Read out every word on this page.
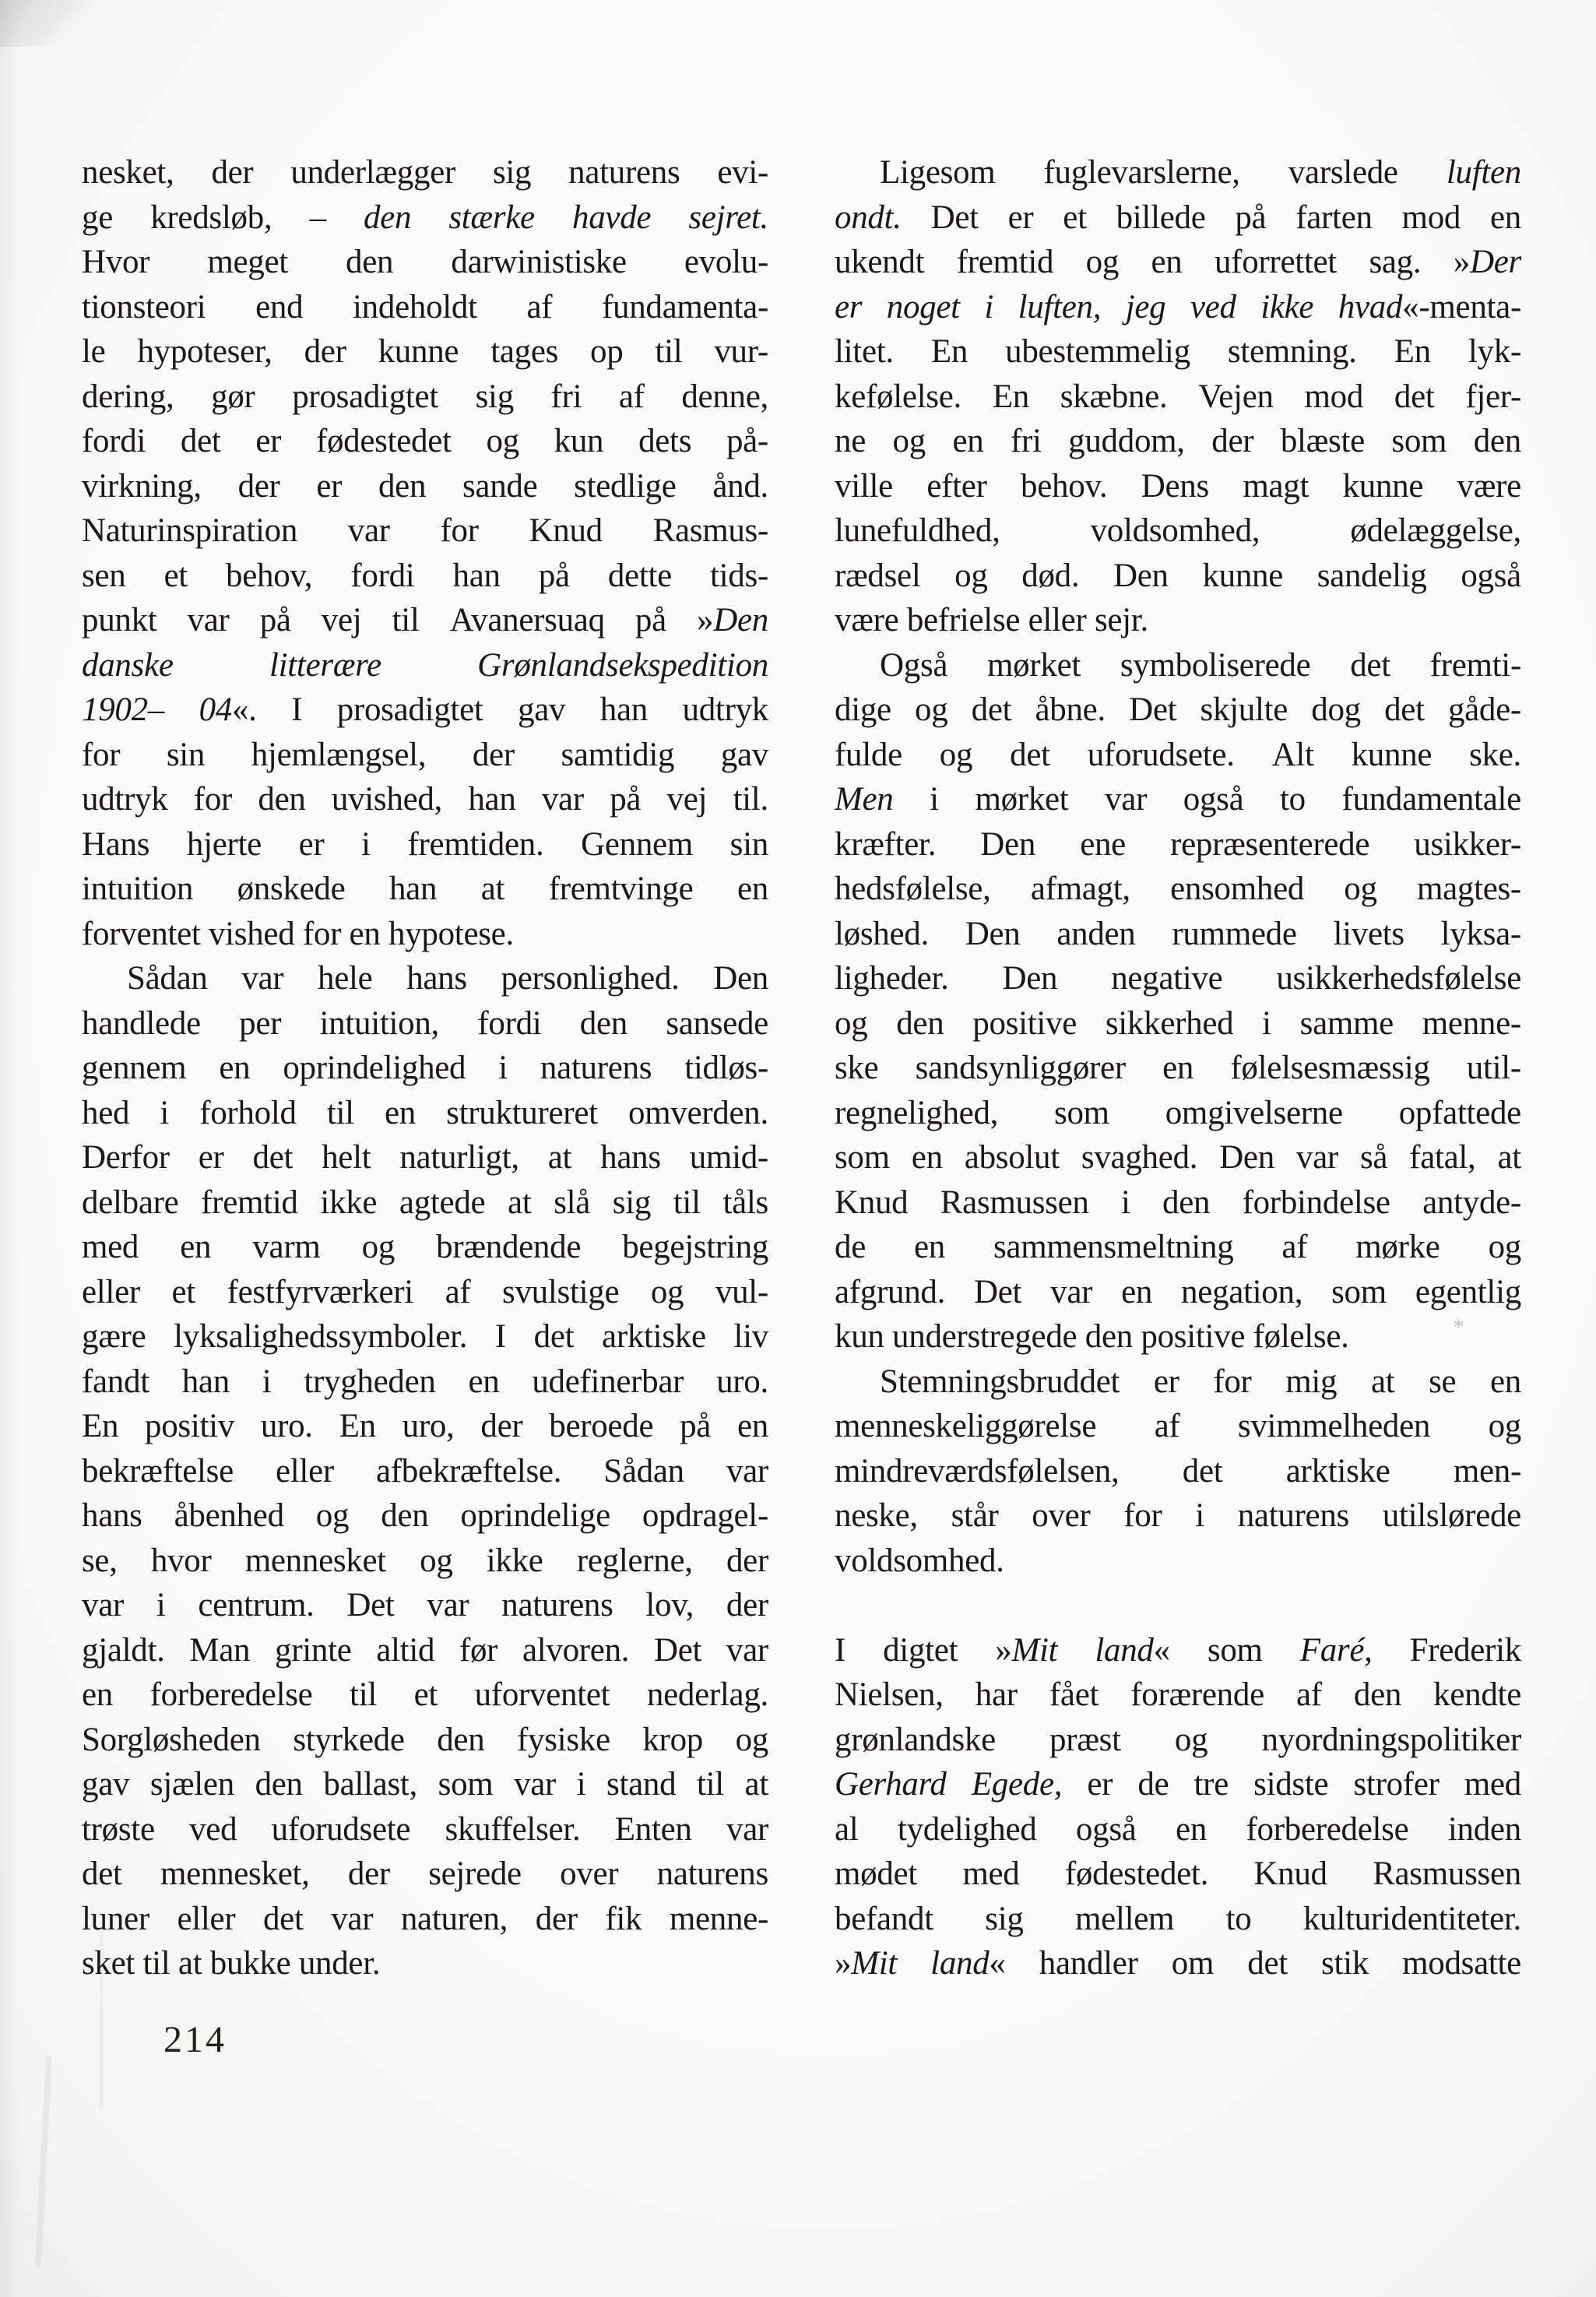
nesket, der underlægger sig naturens evi-
ge kredsløb, – den stærke havde sejret.
Hvor meget den darwinistiske evolu-
tionsteori end indeholdt af fundamenta-
le hypoteser, der kunne tages op til vur-
dering, gør prosadigtet sig fri af denne,
fordi det er fødestedet og kun dets på-
virkning, der er den sande stedlige ånd.
Naturinspiration var for Knud Rasmus-
sen et behov, fordi han på dette tids-
punkt var på vej til Avanersuaq på »Den
danske	litterære	Grønlandsekspedition
1902– 04«. I prosadigtet gav han udtryk
for sin hjemlængsel, der samtidig gav
udtryk for den uvished, han var på vej til.
Hans hjerte er i fremtiden. Gennem sin
intuition ønskede han at fremtvinge en
forventet vished for en hypotese.
Sådan var hele hans personlighed. Den
handlede per intuition, fordi den sansede
gennem en oprindelighed i naturens tidløs-
hed i forhold til en struktureret omverden.
Derfor er det helt naturligt, at hans umid-
delbare fremtid ikke agtede at slå sig til tåls
med en varm og brændende begejstring
eller et festfyrværkeri af svulstige og vul-
gære lyksalighedssymboler. I det arktiske liv
fandt han i trygheden en udefinerbar uro.
En positiv uro. En uro, der beroede på en
bekræftelse eller afbekræftelse. Sådan var
hans åbenhed og den oprindelige opdragel-
se, hvor mennesket og ikke reglerne, der
var i centrum. Det var naturens lov, der
gjaldt. Man grinte altid før alvoren. Det var
en forberedelse til et uforventet nederlag.
Sorgløsheden styrkede den fysiske krop og
gav sjælen den ballast, som var i stand til at
trøste ved uforudsete skuffelser. Enten var
det mennesket, der sejrede over naturens
luner eller det var naturen, der fik menne-
sket til at bukke under.
Ligesom fuglevarslerne, varslede luften
ondt. Det er et billede på farten mod en
ukendt fremtid og en uforrettet sag. »Der
er noget i luften, jeg ved ikke hvad«-menta-
litet. En ubestemmelig stemning. En lyk-
kefølelse. En skæbne. Vejen mod det fjer-
ne og en fri guddom, der blæste som den
ville efter behov. Dens magt kunne være
lunefuldhed,	voldsomhed,	ødelæggelse,
rædsel og død. Den kunne sandelig også
være befrielse eller sejr.
Også mørket symboliserede det fremti-
dige og det åbne. Det skjulte dog det gåde-
fulde og det uforudsete. Alt kunne ske.
Men i mørket var også to fundamentale
kræfter. Den ene repræsenterede usikker-
hedsfølelse, afmagt, ensomhed og magtes-
løshed. Den anden rummede livets lyksa-
ligheder. Den negative usikkerhedsfølelse
og den positive sikkerhed i samme menne-
ske sandsynliggører en følelsesmæssig util-
regnelighed, som omgivelserne opfattede
som en absolut svaghed. Den var så fatal, at
Knud Rasmussen i den forbindelse antyde-
de en sammensmeltning af mørke og
afgrund. Det var en negation, som egentlig
kun understregede den positive følelse.
Stemningsbruddet er for mig at se en
menneskeliggørelse af svimmelheden og
mindreværdsfølelsen, det arktiske men-
neske, står over for i naturens utilslørede
voldsomhed.
I digtet »Mit land« som Faré, Frederik
Nielsen, har fået forærende af den kendte
grønlandske præst og nyordningspolitiker
Gerhard Egede, er de tre sidste strofer med
al tydelighed også en forberedelse inden
mødet med fødestedet. Knud Rasmussen
befandt sig mellem to kulturidentiteter.
»Mit land« handler om det stik modsatte
*
214
